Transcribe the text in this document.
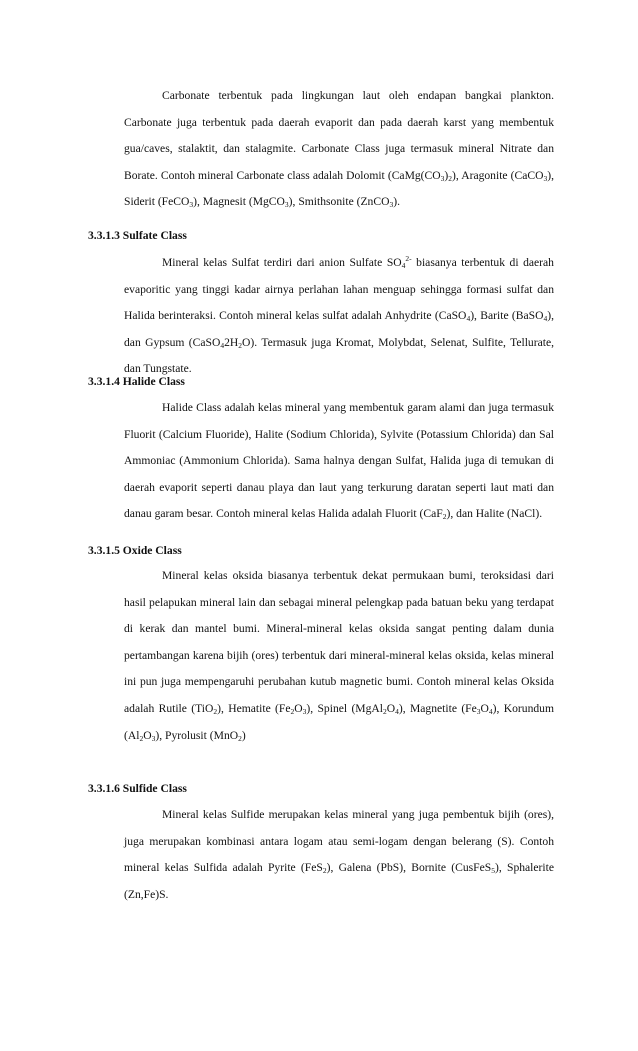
Carbonate terbentuk pada lingkungan laut oleh endapan bangkai plankton. Carbonate juga terbentuk pada daerah evaporit dan pada daerah karst yang membentuk gua/caves, stalaktit, dan stalagmite. Carbonate Class juga termasuk mineral Nitrate dan Borate. Contoh mineral Carbonate class adalah Dolomit $(CaMg(CO_3)_2)$, Aragonite (CaCO$_3$), Siderit (FeCO$_3$), Magnesit (MgCO$_3$), Smithsonite (ZnCO$_3$).

3.3.1.3 Sulfate Class

Mineral kelas Sulfat terdiri dari anion Sulfate $SO_4^{2-}$ biasanya terbentuk di daerah evaporitic yang tinggi kadar airnya perlahan lahan menguap sehingga formasi sulfat dan Halida berinteraksi. Contoh mineral kelas sulfat adalah Anhydrite (CaSO$_4$), Barite (BaSO$_4$), dan Gypsum $(CaSO_42H_2O)$. Termasuk juga Kromat, Molybdat, Selenat, Sulfite, Tellurate, dan Tungstate.

3.3.1.4 Halide Class

Halide Class adalah kelas mineral yang membentuk garam alami dan juga termasuk Fluorit (Calcium Fluoride), Halite (Sodium Chlorida), Sylvite (Potassium Chlorida) dan Sal Ammoniac (Ammonium Chlorida). Sama halnya dengan Sulfat, Halida juga di temukan di daerah evaporit seperti danau playa dan laut yang terkurung daratan seperti laut mati dan danau garam besar. Contoh mineral kelas Halida adalah Fluorit (CaF$_2$), dan Halite (NaCl).

3.3.1.5 Oxide Class

Mineral kelas oksida biasanya terbentuk dekat permukaan bumi, teroksidasi dari hasil pelapukan mineral lain dan sebagai mineral pelengkap pada batuan beku yang terdapat di kerak dan mantel bumi. Mineral-mineral kelas oksida sangat penting dalam dunia pertambangan karena bijih (ores) terbentuk dari mineral-mineral kelas oksida, kelas mineral ini pun juga mempengaruhi perubahan kutub magnetic bumi. Contoh mineral kelas Oksida adalah Rutile (TiO$_2$), Hematite $(Fe_2O_3)$, Spinel $(MgAl_2O_4)$, Magnetite $(Fe_3O_4)$, Korundum $(Al_2O_3)$, Pyrolusit (MnO$_2$)

3.3.1.6 Sulfide Class

Mineral kelas Sulfide merupakan kelas mineral yang juga pembentuk bijih (ores), juga merupakan kombinasi antara logam atau semi-logam dengan belerang (S). Contoh mineral kelas Sulfida adalah Pyrite (FeS$_2$), Galena (PbS), Bornite (CusFeS$_5$), Sphalerite (Zn,Fe)S.
